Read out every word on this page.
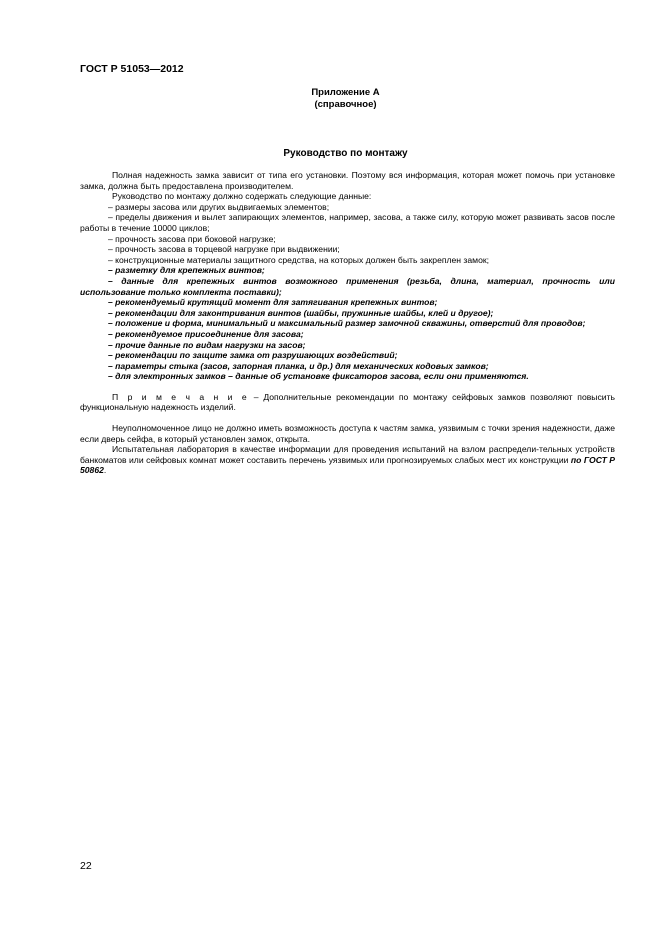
ГОСТ Р 51053—2012
Приложение А
(справочное)
Руководство по монтажу

Полная надежность замка зависит от типа его установки. Поэтому вся информация, которая может помочь при установке замка, должна быть предоставлена производителем.

Руководство по монтажу должно содержать следующие данные:

– размеры засова или других выдвигаемых элементов;

– пределы движения и вылет запирающих элементов, например, засова, а также силу, которую может развивать засов после работы в течение 10000 циклов;

– прочность засова при боковой нагрузке;

– прочность засова в торцевой нагрузке при выдвижении;

– конструкционные материалы защитного средства, на которых должен быть закреплен замок;

– разметку для крепежных винтов;

– данные для крепежных винтов возможного применения (резьба, длина, материал, прочность или использование только комплекта поставки);

– рекомендуемый крутящий момент для затягивания крепежных винтов;

– рекомендации для законтривания винтов (шайбы, пружинные шайбы, клей и другое);

– положение и форма, минимальный и максимальный размер замочной скважины, отверстий для проводов;

– рекомендуемое присоединение для засова;

– прочие данные по видам нагрузки на засов;

– рекомендации по защите замка от разрушающих воздействий;

– параметры стыка (засов, запорная планка, и др.) для механических кодовых замков;

– для электронных замков – данные об установке фиксаторов засова, если они применяются.

П р и м е ч а н и е – Дополнительные рекомендации по монтажу сейфовых замков позволяют повысить функциональную надежность изделий.

Неуполномоченное лицо не должно иметь возможность доступа к частям замка, уязвимым с точки зрения надежности, даже если дверь сейфа, в который установлен замок, открыта.

Испытательная лаборатория в качестве информации для проведения испытаний на взлом распредели-тельных устройств банкоматов или сейфовых комнат может составить перечень уязвимых или прогнозируемых слабых мест их конструкции по ГОСТ Р 50862.

22
